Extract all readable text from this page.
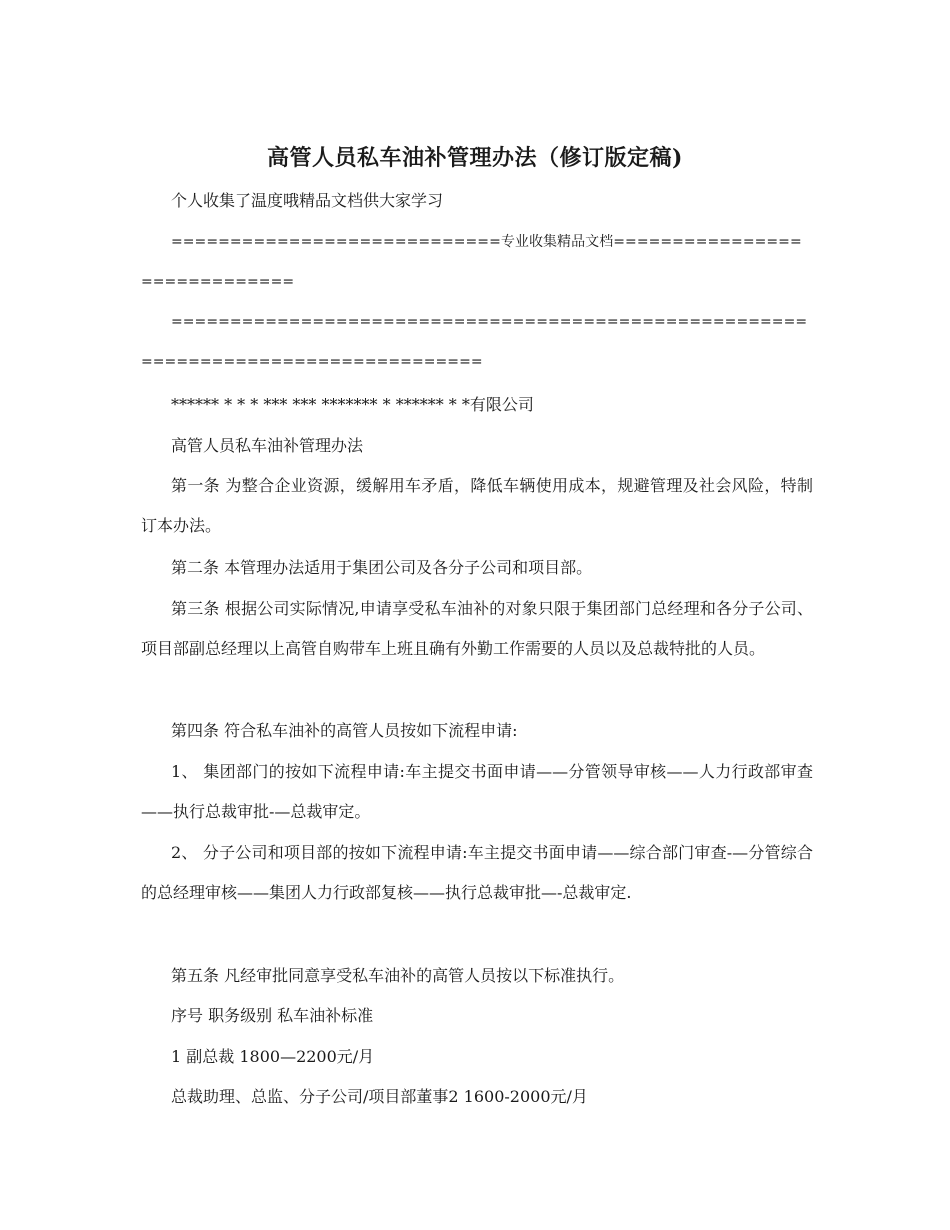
高管人员私车油补管理办法（修订版定稿)
个人收集了温度哦精品文档供大家学习
============================专业收集精品文档=============================
===================================================================================
****** * * * *** *** ******* * ****** * *有限公司
高管人员私车油补管理办法
第一条 为整合企业资源，缓解用车矛盾，降低车辆使用成本，规避管理及社会风险，特制订本办法。
第二条 本管理办法适用于集团公司及各分子公司和项目部。
第三条 根据公司实际情况,申请享受私车油补的对象只限于集团部门总经理和各分子公司、项目部副总经理以上高管自购带车上班且确有外勤工作需要的人员以及总裁特批的人员。
第四条 符合私车油补的高管人员按如下流程申请:
1、 集团部门的按如下流程申请:车主提交书面申请——分管领导审核——人力行政部审查——执行总裁审批-—总裁审定。
2、 分子公司和项目部的按如下流程申请:车主提交书面申请——综合部门审查-—分管综合的总经理审核——集团人力行政部复核——执行总裁审批—-总裁审定.
第五条 凡经审批同意享受私车油补的高管人员按以下标准执行。
序号 职务级别 私车油补标准
1 副总裁 1800—2200元/月
总裁助理、总监、分子公司/项目部董事2 1600-2000元/月
